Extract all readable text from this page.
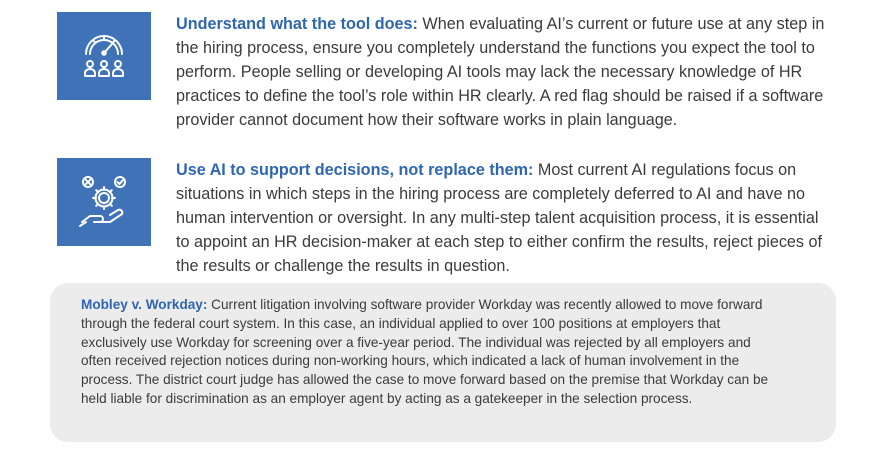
Understand what the tool does: When evaluating AI’s current or future use at any step in the hiring process, ensure you completely understand the functions you expect the tool to perform. People selling or developing AI tools may lack the necessary knowledge of HR practices to define the tool’s role within HR clearly. A red flag should be raised if a software provider cannot document how their software works in plain language.
Use AI to support decisions, not replace them: Most current AI regulations focus on situations in which steps in the hiring process are completely deferred to AI and have no human intervention or oversight. In any multi-step talent acquisition process, it is essential to appoint an HR decision-maker at each step to either confirm the results, reject pieces of the results or challenge the results in question.
Mobley v. Workday: Current litigation involving software provider Workday was recently allowed to move forward through the federal court system. In this case, an individual applied to over 100 positions at employers that exclusively use Workday for screening over a five-year period. The individual was rejected by all employers and often received rejection notices during non-working hours, which indicated a lack of human involvement in the process. The district court judge has allowed the case to move forward based on the premise that Workday can be held liable for discrimination as an employer agent by acting as a gatekeeper in the selection process.
